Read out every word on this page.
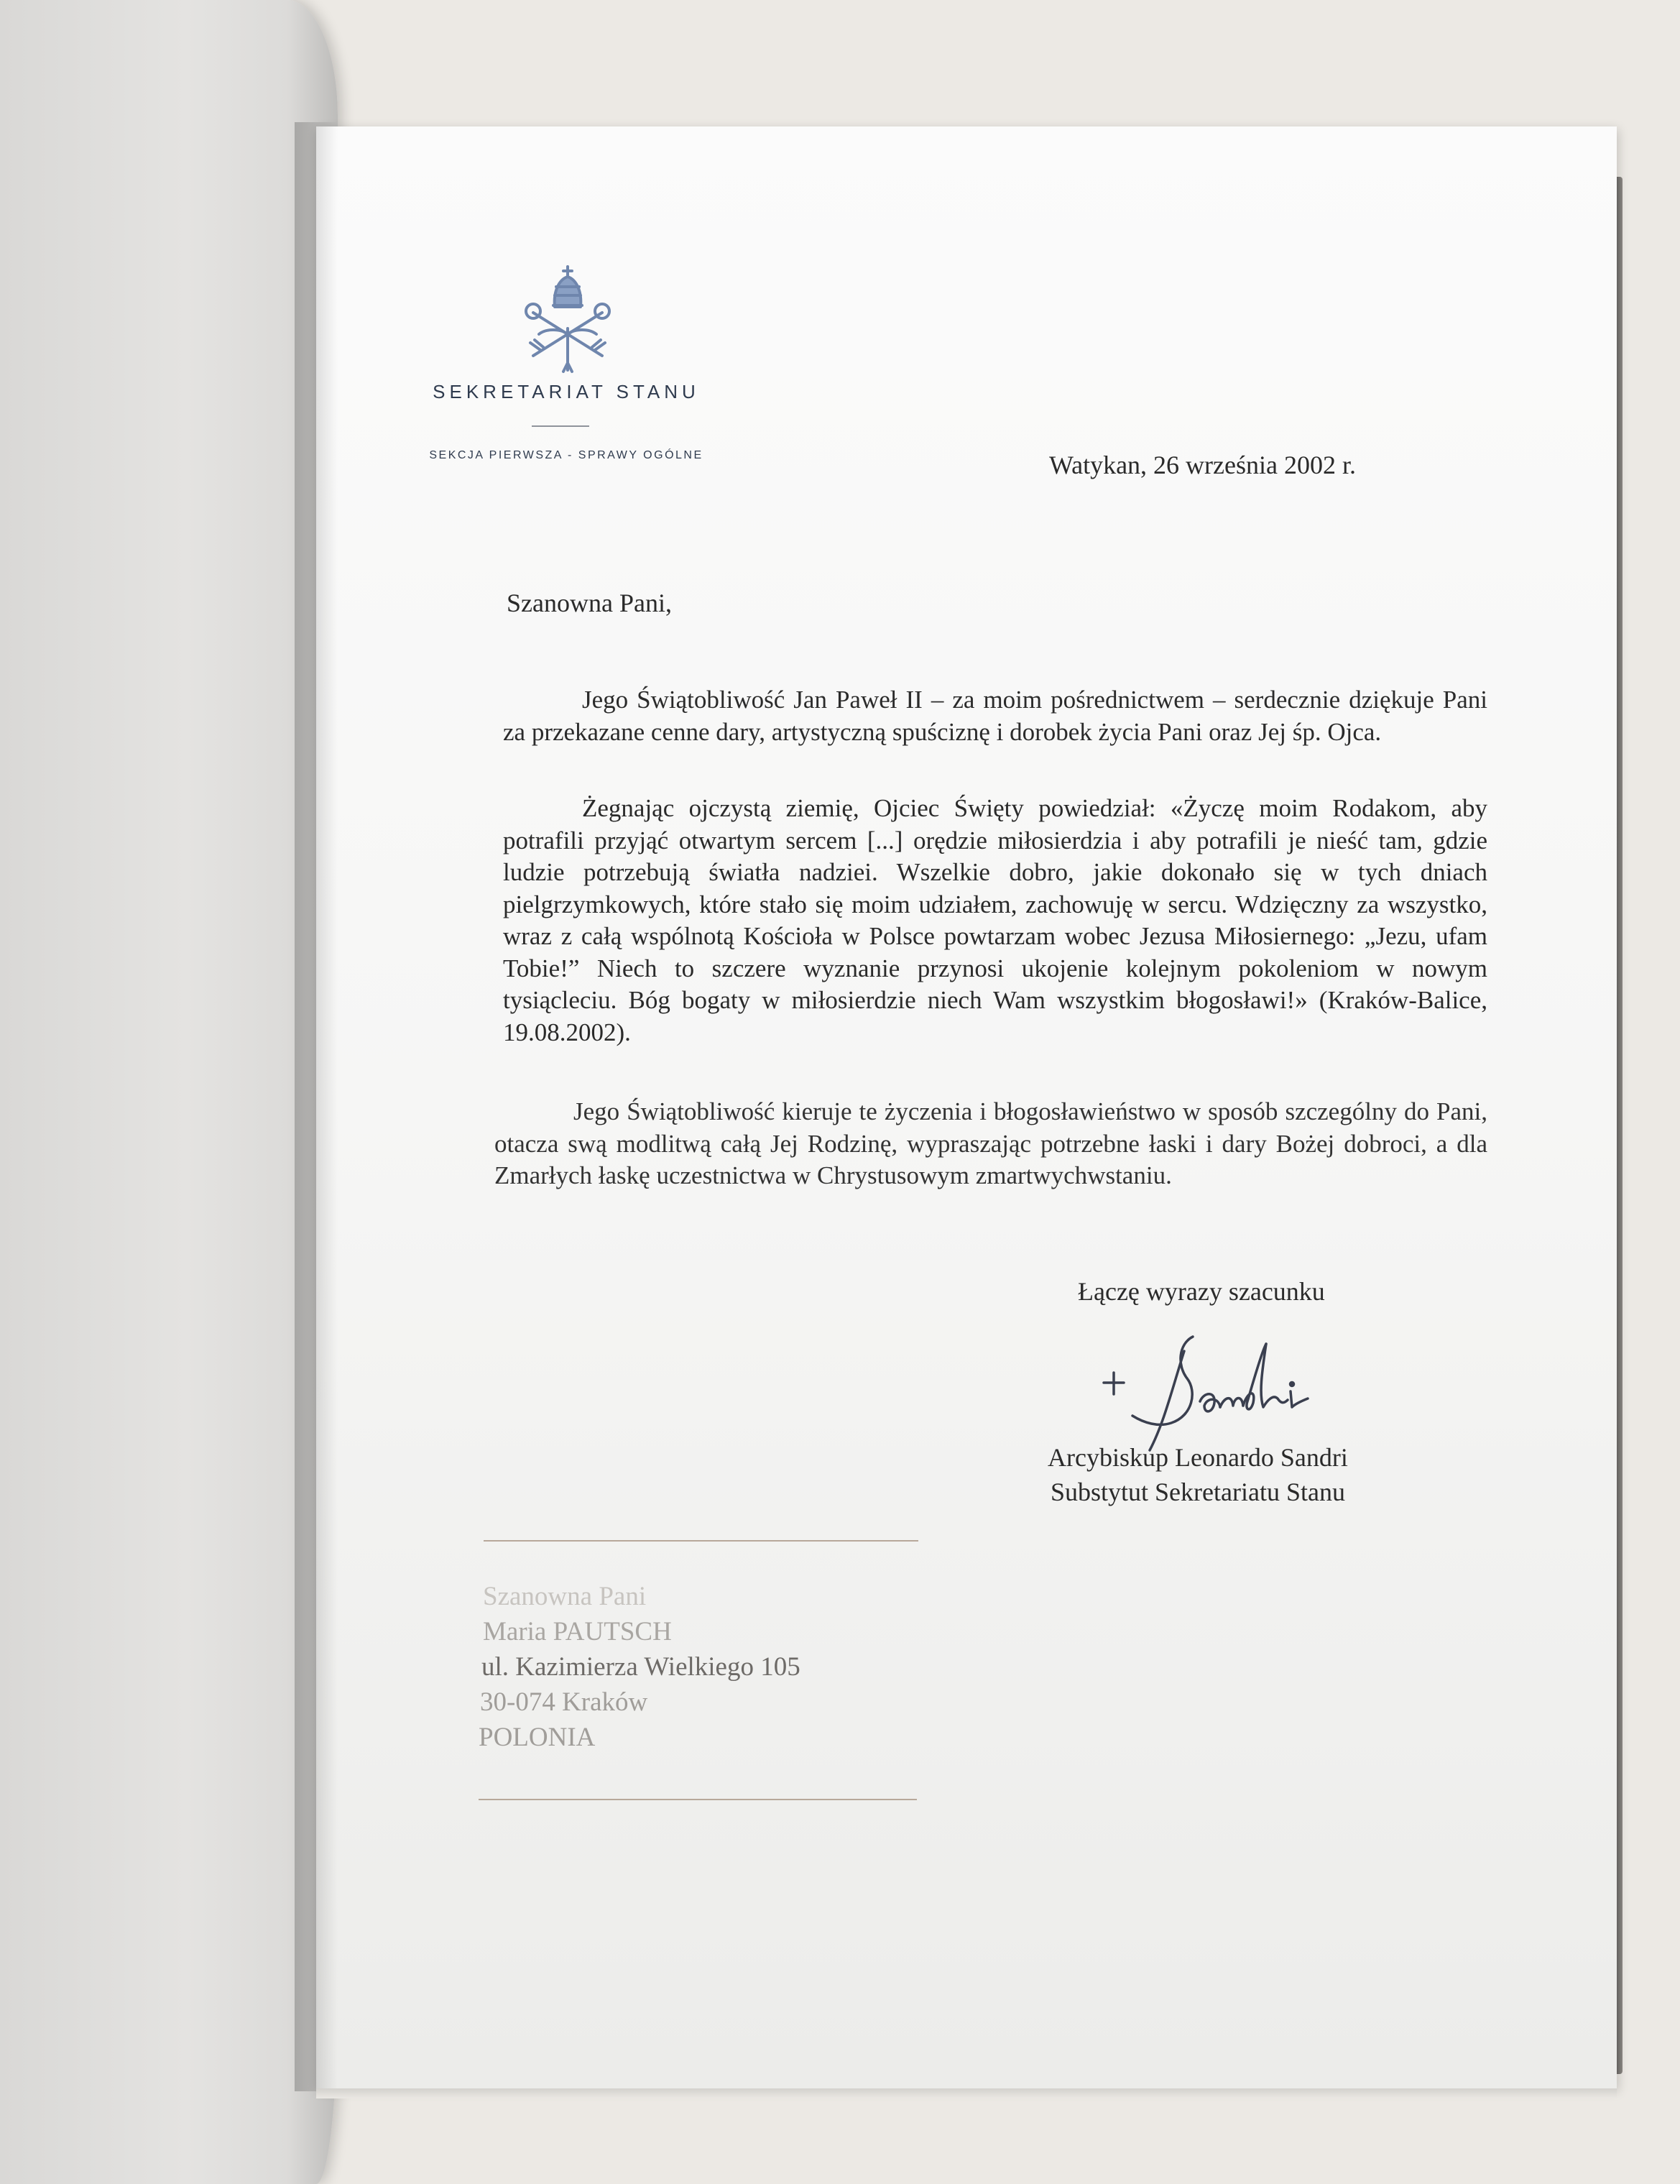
SEKRETARIAT STANU

SEKCJA PIERWSZA - SPRAWY OGÓLNE	Watykan, 26 września 2002 r.

Szanowna Pani,

Jego Świątobliwość Jan Paweł II – za moim pośrednictwem – serdecznie dziękuje Pani za przekazane cenne dary, artystyczną spuściznę i dorobek życia Pani oraz Jej śp. Ojca.

Żegnając ojczystą ziemię, Ojciec Święty powiedział: «Życzę moim Rodakom, aby potrafili przyjąć otwartym sercem [...] orędzie miłosierdzia i aby potrafili je nieść tam, gdzie ludzie potrzebują światła nadziei. Wszelkie dobro, jakie dokonało się w tych dniach pielgrzymkowych, które stało się moim udziałem, zachowuję w sercu. Wdzięczny za wszystko, wraz z całą wspólnotą Kościoła w Polsce powtarzam wobec Jezusa Miłosiernego: „Jezu, ufam Tobie!” Niech to szczere wyznanie przynosi ukojenie kolejnym pokoleniom w nowym tysiącleciu. Bóg bogaty w miłosierdzie niech Wam wszystkim błogosławi!» (Kraków-Balice, 19.08.2002).

Jego Świątobliwość kieruje te życzenia i błogosławieństwo w sposób szczególny do Pani, otacza swą modlitwą całą Jej Rodzinę, wypraszając potrzebne łaski i dary Bożej dobroci, a dla Zmarłych łaskę uczestnictwa w Chrystusowym zmartwychwstaniu.

Łączę wyrazy szacunku

Arcybiskup Leonardo Sandri

Substytut Sekretariatu Stanu

Szanowna Pani

Maria PAUTSCH

ul. Kazimierza Wielkiego 105

30-074 Kraków

POLONIA
